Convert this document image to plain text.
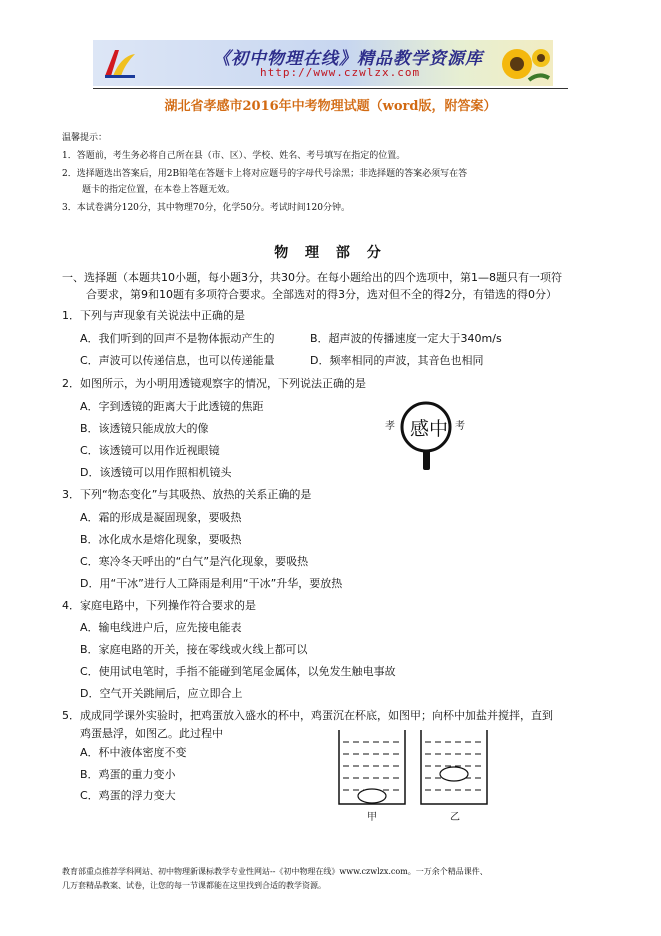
《初中物理在线》精品教学资源库
http://www.czwlzx.com
湖北省孝感市2016年中考物理试题（word版，附答案）
温馨提示：
1．答题前，考生务必将自己所在县（市、区）、学校、姓名、考号填写在指定的位置。
2．选择题选出答案后，用2B铅笔在答题卡上将对应题号的字母代号涂黑；非选择题的答案必须写在答
题卡的指定位置，在本卷上答题无效。
3．本试卷满分120分，其中物理70分，化学50分。考试时间120分钟。
物 理 部 分
一、选择题（本题共10小题，每小题3分，共30分。在每小题给出的四个选项中，第1—8题只有一项符
合要求，第9和10题有多项符合要求。全部选对的得3分，选对但不全的得2分，有错选的得0分）
1．下列与声现象有关说法中正确的是
A．我们听到的回声不是物体振动产生的	B．超声波的传播速度一定大于340m/s
C．声波可以传递信息，也可以传递能量	D．频率相同的声波，其音色也相同
2．如图所示，为小明用透镜观察字的情况，下列说法正确的是
A．字到透镜的距离大于此透镜的焦距
B．该透镜只能成放大的像
C．该透镜可以用作近视眼镜
D．该透镜可以用作照相机镜头
孝	考
感中
3．下列“物态变化”与其吸热、放热的关系正确的是
A．霜的形成是凝固现象，要吸热
B．冰化成水是熔化现象，要吸热
C．寒冷冬天呼出的“白气”是汽化现象，要吸热
D．用“干冰”进行人工降雨是利用“干冰”升华，要放热
4．家庭电路中，下列操作符合要求的是
A．输电线进户后，应先接电能表
B．家庭电路的开关，接在零线或火线上都可以
C．使用试电笔时，手指不能碰到笔尾金属体，以免发生触电事故
D．空气开关跳闸后，应立即合上
5．成成同学课外实验时，把鸡蛋放入盛水的杯中，鸡蛋沉在杯底，如图甲；向杯中加盐并搅拌，直到
鸡蛋悬浮，如图乙。此过程中
A．杯中液体密度不变
B．鸡蛋的重力变小
C．鸡蛋的浮力变大
甲	乙
教育部重点推荐学科网站、初中物理新课标教学专业性网站--《初中物理在线》www.czwlzx.com。一万余个精品课件、
几万套精品教案、试卷，让您的每一节课都能在这里找到合适的教学资源。
